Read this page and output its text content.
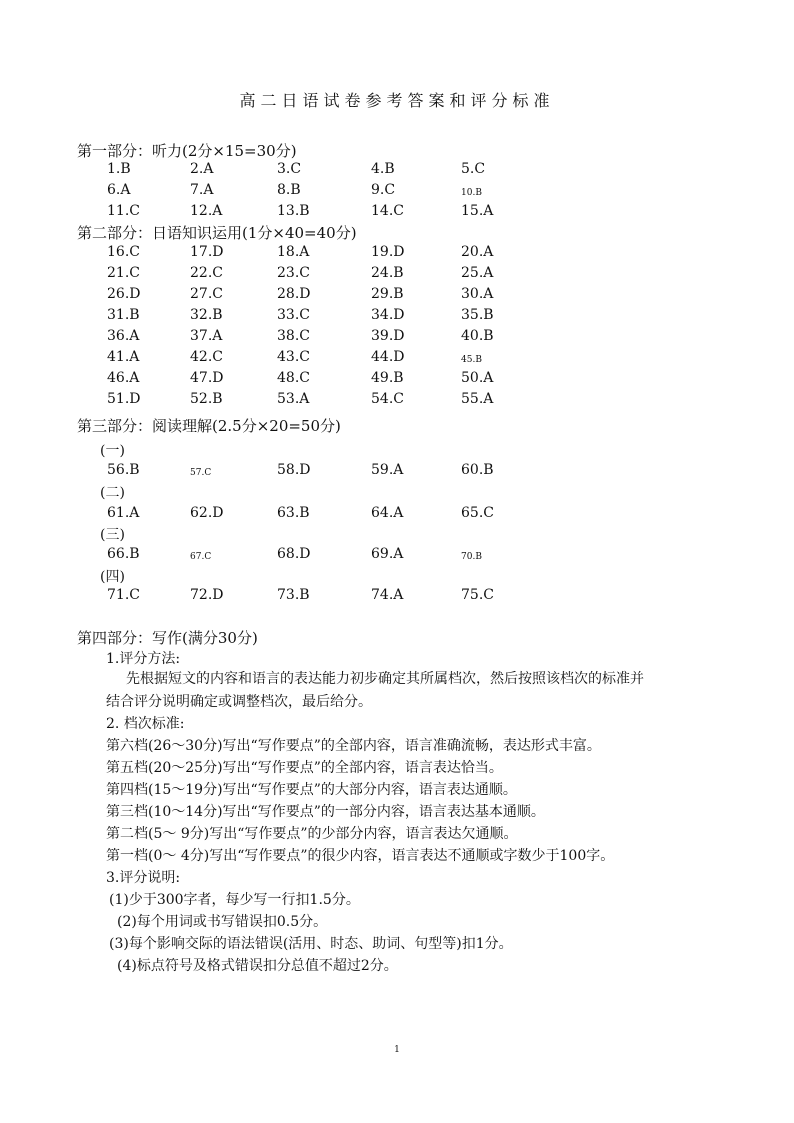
高二日语试卷参考答案和评分标准
第一部分：听力(2分×15=30分)
1.B	2.A	3.C	4.B	5.C
6.A	7.A	8.B	9.C	10.B
11.C	12.A	13.B	14.C	15.A
第二部分：日语知识运用(1分×40=40分)
16.C	17.D	18.A	19.D	20.A
21.C	22.C	23.C	24.B	25.A
26.D	27.C	28.D	29.B	30.A
31.B	32.B	33.C	34.D	35.B
36.A	37.A	38.C	39.D	40.B
41.A	42.C	43.C	44.D	45.B
46.A	47.D	48.C	49.B	50.A
51.D	52.B	53.A	54.C	55.A
第三部分：阅读理解(2.5分×20=50分)
(一)
(二)
(三)
(四)
56.B	57.C	58.D	59.A	60.B
61.A	62.D	63.B	64.A	65.C
66.B	67.C	68.D	69.A	70.B
71.C	72.D	73.B	74.A	75.C
第四部分：写作(满分30分)
1.评分方法:
先根据短文的内容和语言的表达能力初步确定其所属档次，然后按照该档次的标准并
结合评分说明确定或调整档次，最后给分。
2. 档次标准:
第六档(26～30分)写出“写作要点”的全部内容，语言准确流畅，表达形式丰富。
第五档(20～25分)写出“写作要点”的全部内容，语言表达恰当。
第四档(15～19分)写出“写作要点”的大部分内容，语言表达通顺。
第三档(10～14分)写出“写作要点”的一部分内容，语言表达基本通顺。
第二档(5～ 9分)写出“写作要点”的少部分内容，语言表达欠通顺。
第一档(0～ 4分)写出“写作要点”的很少内容，语言表达不通顺或字数少于100字。
3.评分说明:
(1)少于300字者，每少写一行扣1.5分。
(2)每个用词或书写错误扣0.5分。
(3)每个影响交际的语法错误(活用、时态、助词、句型等)扣1分。
(4)标点符号及格式错误扣分总值不超过2分。
1
